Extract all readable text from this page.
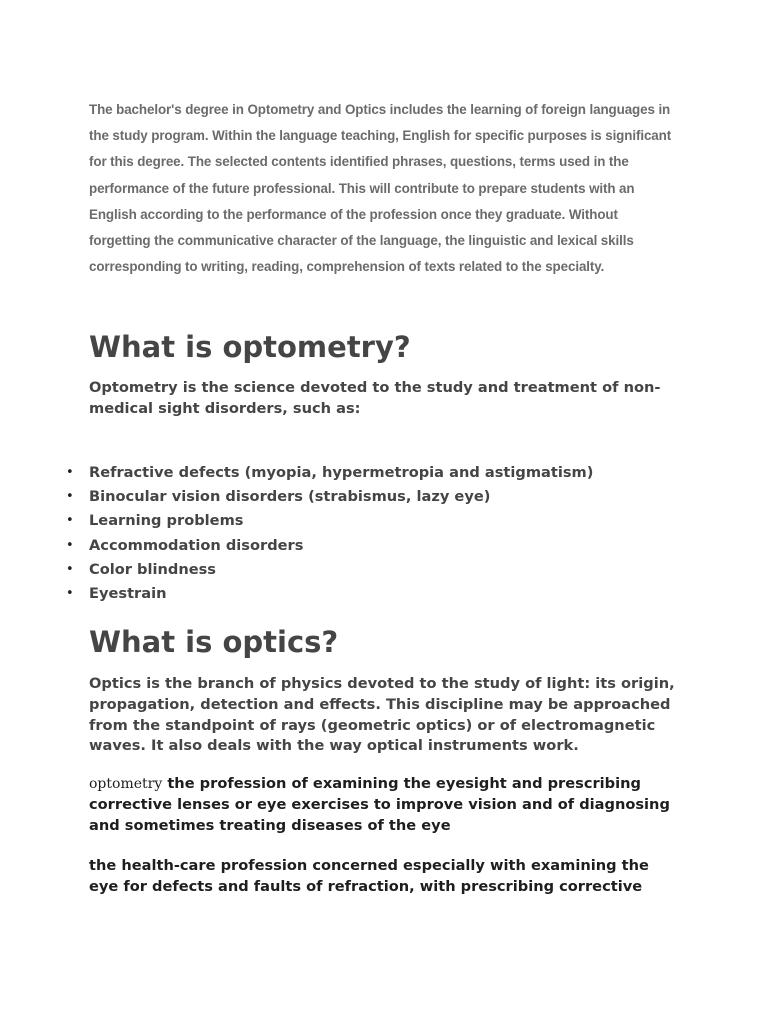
The bachelor's degree in Optometry and Optics includes the learning of foreign languages in the study program. Within the language teaching, English for specific purposes is significant for this degree. The selected contents identified phrases, questions, terms used in the performance of the future professional. This will contribute to prepare students with an English according to the performance of the profession once they graduate. Without forgetting the communicative character of the language, the linguistic and lexical skills corresponding to writing, reading, comprehension of texts related to the specialty.

What is optometry?

Optometry is the science devoted to the study and treatment of non-medical sight disorders, such as:

• Refractive defects (myopia, hypermetropia and astigmatism)
• Binocular vision disorders (strabismus, lazy eye)
• Learning problems
• Accommodation disorders
• Color blindness
• Eyestrain
What is optics?

Optics is the branch of physics devoted to the study of light: its origin, propagation, detection and effects. This discipline may be approached from the standpoint of rays (geometric optics) or of electromagnetic waves. It also deals with the way optical instruments work.

optometry the profession of examining the eyesight and prescribing corrective lenses or eye exercises to improve vision and of diagnosing and sometimes treating diseases of the eye

the health-care profession concerned especially with examining the eye for defects and faults of refraction, with prescribing corrective
